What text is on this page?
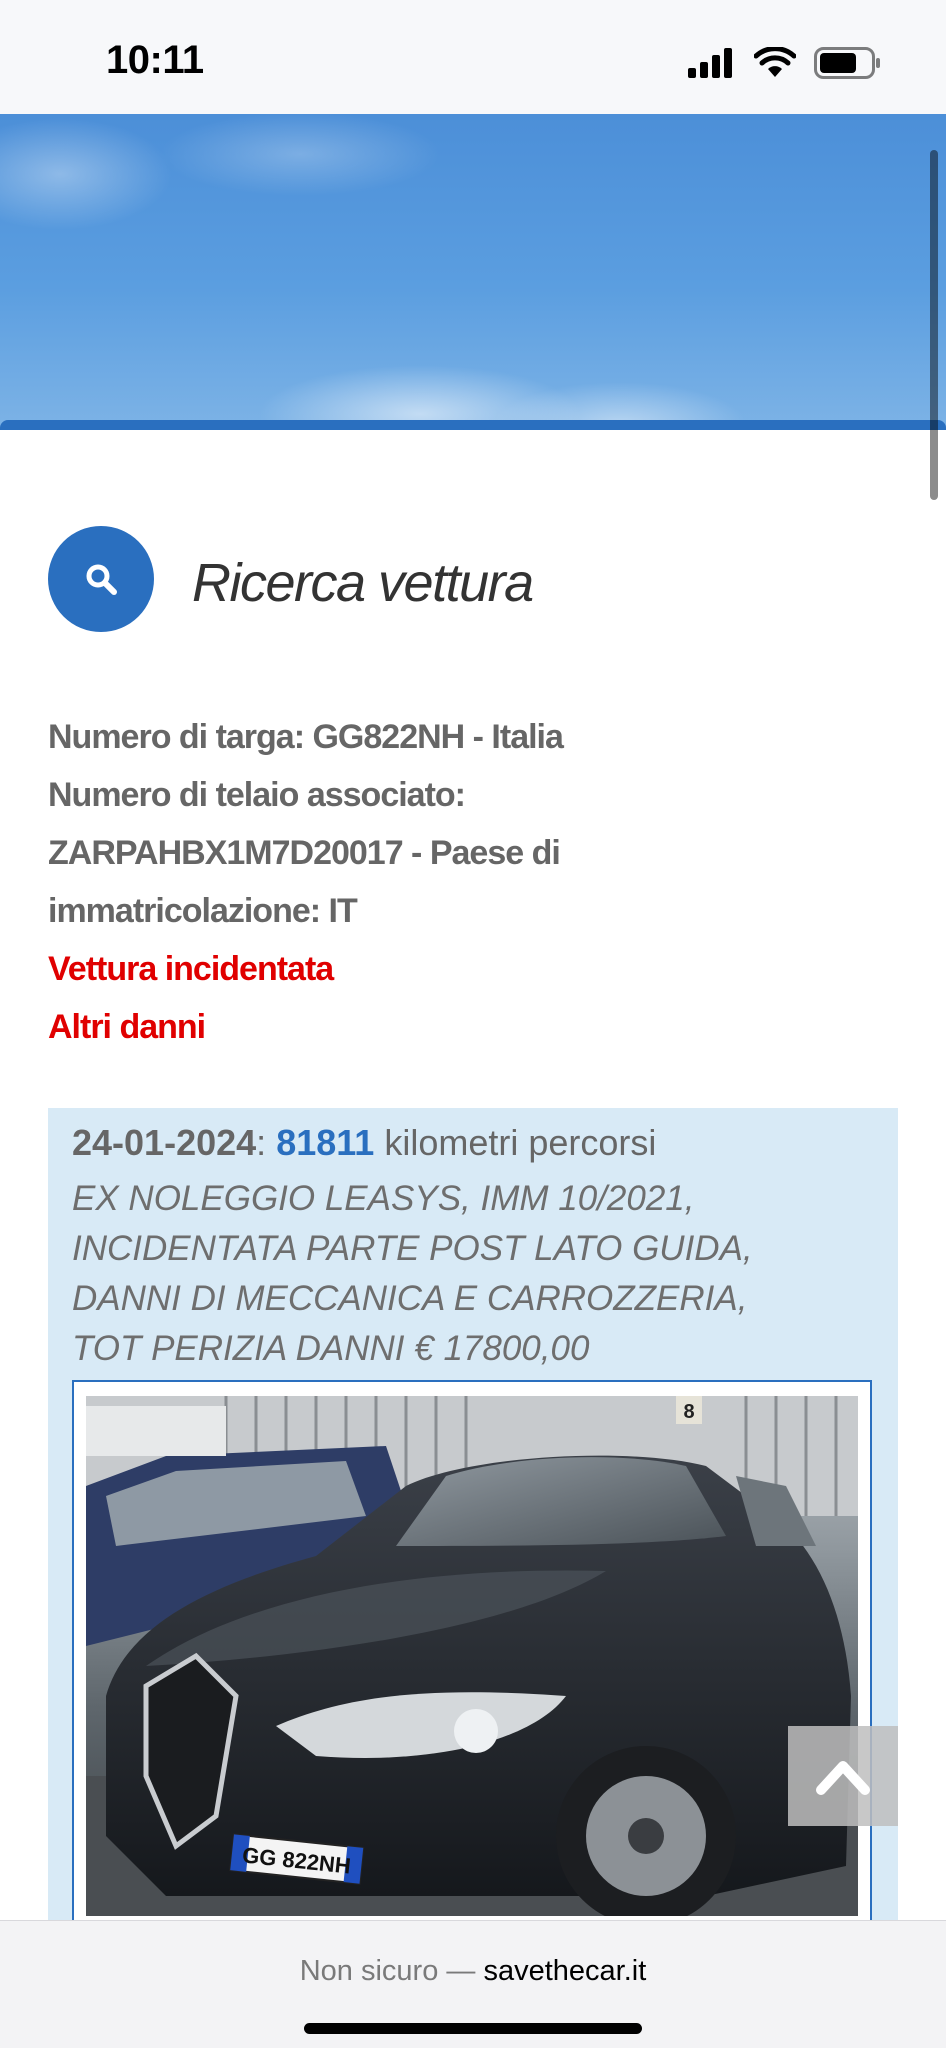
10:11
Ricerca vettura
Numero di targa: GG822NH - Italia
Numero di telaio associato:
ZARPAHBX1M7D20017 - Paese di
immatricolazione: IT
Vettura incidentata
Altri danni
24-01-2024: 81811 kilometri percorsi
EX NOLEGGIO LEASYS, IMM 10/2021,
INCIDENTATA PARTE POST LATO GUIDA,
DANNI DI MECCANICA E CARROZZERIA,
TOT PERIZIA DANNI € 17800,00
8
GG 822NH
Non sicuro — savethecar.it
